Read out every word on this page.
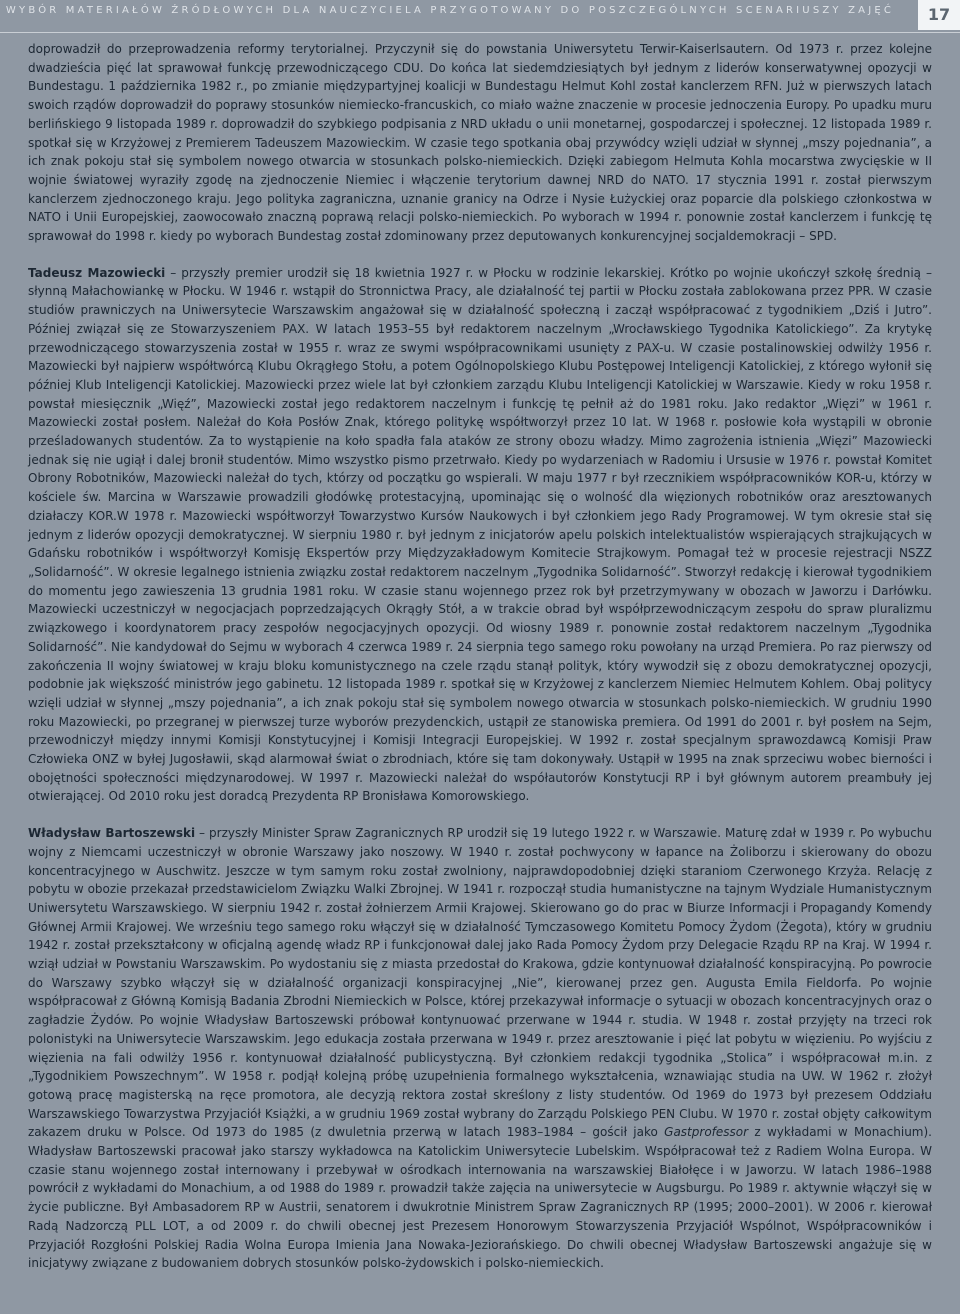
WYBÓR MATERIAŁÓW ŹRÓDŁOWYCH DLA NAUCZYCIELA PRZYGOTOWANY DO POSZCZEGÓLNYCH SCENARIUSZY ZAJĘĆ	17

doprowadził do przeprowadzenia reformy terytorialnej. Przyczynił się do powstania Uniwersytetu Terwir-Kaiserlsautern. Od 1973 r. przez kolejne dwadzieścia pięć lat sprawował funkcję przewodniczącego CDU. Do końca lat siedemdziesiątych był jednym z liderów konserwatywnej opozycji w Bundestagu. 1 października 1982 r., po zmianie międzypartyjnej koalicji w Bundestagu Helmut Kohl został kanclerzem RFN. Już w pierwszych latach swoich rządów doprowadził do poprawy stosunków niemiecko-francuskich, co miało ważne znaczenie w procesie jednoczenia Europy. Po upadku muru berlińskiego 9 listopada 1989 r. doprowadził do szybkiego podpisania z NRD układu o unii monetarnej, gospodarczej i społecznej. 12 listopada 1989 r. spotkał się w Krzyżowej z Premierem Tadeuszem Mazowieckim. W czasie tego spotkania obaj przywódcy wzięli udział w słynnej „mszy pojednania”, a ich znak pokoju stał się symbolem nowego otwarcia w stosunkach polsko-niemieckich. Dzięki zabiegom Helmuta Kohla mocarstwa zwycięskie w II wojnie światowej wyraziły zgodę na zjednoczenie Niemiec i włączenie terytorium dawnej NRD do NATO. 17 stycznia 1991 r. został pierwszym kanclerzem zjednoczonego kraju. Jego polityka zagraniczna, uznanie granicy na Odrze i Nysie Łużyckiej oraz poparcie dla polskiego członkostwa w NATO i Unii Europejskiej, zaowocowało znaczną poprawą relacji polsko-niemieckich. Po wyborach w 1994 r. ponownie został kanclerzem i funkcję tę sprawował do 1998 r. kiedy po wyborach Bundestag został zdominowany przez deputowanych konkurencyjnej socjaldemokracji – SPD.

Tadeusz Mazowiecki – przyszły premier urodził się 18 kwietnia 1927 r. w Płocku w rodzinie lekarskiej. Krótko po wojnie ukończył szkołę średnią – słynną Małachowiankę w Płocku. W 1946 r. wstąpił do Stronnictwa Pracy, ale działalność tej partii w Płocku została zablokowana przez PPR. W czasie studiów prawniczych na Uniwersytecie Warszawskim angażował się w działalność społeczną i zaczął współpracować z tygodnikiem „Dziś i Jutro”. Później związał się ze Stowarzyszeniem PAX. W latach 1953–55 był redaktorem naczelnym „Wrocławskiego Tygodnika Katolickiego”. Za krytykę przewodniczącego stowarzyszenia został w 1955 r. wraz ze swymi współpracownikami usunięty z PAX-u. W czasie postalinowskiej odwilży 1956 r. Mazowiecki był najpierw współtwórcą Klubu Okrągłego Stołu, a potem Ogólnopolskiego Klubu Postępowej Inteligencji Katolickiej, z którego wyłonił się później Klub Inteligencji Katolickiej. Mazowiecki przez wiele lat był członkiem zarządu Klubu Inteligencji Katolickiej w Warszawie. Kiedy w roku 1958 r. powstał miesięcznik „Więź”, Mazowiecki został jego redaktorem naczelnym i funkcję tę pełnił aż do 1981 roku. Jako redaktor „Więzi” w 1961 r. Mazowiecki został posłem. Należał do Koła Posłów Znak, którego politykę współtworzył przez 10 lat. W 1968 r. posłowie koła wystąpili w obronie prześladowanych studentów. Za to wystąpienie na koło spadła fala ataków ze strony obozu władzy. Mimo zagrożenia istnienia „Więzi” Mazowiecki jednak się nie ugiął i dalej bronił studentów. Mimo wszystko pismo przetrwało. Kiedy po wydarzeniach w Radomiu i Ursusie w 1976 r. powstał Komitet Obrony Robotników, Mazowiecki należał do tych, którzy od początku go wspierali. W maju 1977 r był rzecznikiem współpracowników KOR-u, którzy w kościele św. Marcina w Warszawie prowadzili głodówkę protestacyjną, upominając się o wolność dla więzionych robotników oraz aresztowanych działaczy KOR.W 1978 r. Mazowiecki współtworzył Towarzystwo Kursów Naukowych i był członkiem jego Rady Programowej. W tym okresie stał się jednym z liderów opozycji demokratycznej. W sierpniu 1980 r. był jednym z inicjatorów apelu polskich intelektualistów wspierających strajkujących w Gdańsku robotników i współtworzył Komisję Ekspertów przy Międzyzakładowym Komitecie Strajkowym. Pomagał też w procesie rejestracji NSZZ „Solidarność”. W okresie legalnego istnienia związku został redaktorem naczelnym „Tygodnika Solidarność”. Stworzył redakcję i kierował tygodnikiem do momentu jego zawieszenia 13 grudnia 1981 roku. W czasie stanu wojennego przez rok był przetrzymywany w obozach w Jaworzu i Darłówku. Mazowiecki uczestniczył w negocjacjach poprzedzających Okrągły Stół, a w trakcie obrad był współprzewodniczącym zespołu do spraw pluralizmu związkowego i koordynatorem pracy zespołów negocjacyjnych opozycji. Od wiosny 1989 r. ponownie został redaktorem naczelnym „Tygodnika Solidarność”. Nie kandydował do Sejmu w wyborach 4 czerwca 1989 r. 24 sierpnia tego samego roku powołany na urząd Premiera. Po raz pierwszy od zakończenia II wojny światowej w kraju bloku komunistycznego na czele rządu stanął polityk, który wywodził się z obozu demokratycznej opozycji, podobnie jak większość ministrów jego gabinetu. 12 listopada 1989 r. spotkał się w Krzyżowej z kanclerzem Niemiec Helmutem Kohlem. Obaj politycy wzięli udział w słynnej „mszy pojednania”, a ich znak pokoju stał się symbolem nowego otwarcia w stosunkach polsko-niemieckich. W grudniu 1990 roku Mazowiecki, po przegranej w pierwszej turze wyborów prezydenckich, ustąpił ze stanowiska premiera. Od 1991 do 2001 r. był posłem na Sejm, przewodniczył między innymi Komisji Konstytucyjnej i Komisji Integracji Europejskiej. W 1992 r. został specjalnym sprawozdawcą Komisji Praw Człowieka ONZ w byłej Jugosławii, skąd alarmował świat o zbrodniach, które się tam dokonywały. Ustąpił w 1995 na znak sprzeciwu wobec bierności i obojętności społeczności międzynarodowej. W 1997 r. Mazowiecki należał do współautorów Konstytucji RP i był głównym autorem preambuły jej otwierającej. Od 2010 roku jest doradcą Prezydenta RP Bronisława Komorowskiego.

Władysław Bartoszewski – przyszły Minister Spraw Zagranicznych RP urodził się 19 lutego 1922 r. w Warszawie. Maturę zdał w 1939 r. Po wybuchu wojny z Niemcami uczestniczył w obronie Warszawy jako noszowy. W 1940 r. został pochwycony w łapance na Żoliborzu i skierowany do obozu koncentracyjnego w Auschwitz. Jeszcze w tym samym roku został zwolniony, najprawdopodobniej dzięki staraniom Czerwonego Krzyża. Relację z pobytu w obozie przekazał przedstawicielom Związku Walki Zbrojnej. W 1941 r. rozpoczął studia humanistyczne na tajnym Wydziale Humanistycznym Uniwersytetu Warszawskiego. W sierpniu 1942 r. został żołnierzem Armii Krajowej. Skierowano go do prac w Biurze Informacji i Propagandy Komendy Głównej Armii Krajowej. We wrześniu tego samego roku włączył się w działalność Tymczasowego Komitetu Pomocy Żydom (Żegota), który w grudniu 1942 r. został przekształcony w oficjalną agendę władz RP i funkcjonował dalej jako Rada Pomocy Żydom przy Delegacie Rządu RP na Kraj. W 1994 r. wziął udział w Powstaniu Warszawskim. Po wydostaniu się z miasta przedostał do Krakowa, gdzie kontynuował działalność konspiracyjną. Po powrocie do Warszawy szybko włączył się w działalność organizacji konspiracyjnej „Nie”, kierowanej przez gen. Augusta Emila Fieldorfa. Po wojnie współpracował z Główną Komisją Badania Zbrodni Niemieckich w Polsce, której przekazywał informacje o sytuacji w obozach koncentracyjnych oraz o zagładzie Żydów. Po wojnie Władysław Bartoszewski próbował kontynuować przerwane w 1944 r. studia. W 1948 r. został przyjęty na trzeci rok polonistyki na Uniwersytecie Warszawskim. Jego edukacja została przerwana w 1949 r. przez aresztowanie i pięć lat pobytu w więzieniu. Po wyjściu z więzienia na fali odwilży 1956 r. kontynuował działalność publicystyczną. Był członkiem redakcji tygodnika „Stolica” i współpracował m.in. z „Tygodnikiem Powszechnym”. W 1958 r. podjął kolejną próbę uzupełnienia formalnego wykształcenia, wznawiając studia na UW. W 1962 r. złożył gotową pracę magisterską na ręce promotora, ale decyzją rektora został skreślony z listy studentów. Od 1969 do 1973 był prezesem Oddziału Warszawskiego Towarzystwa Przyjaciół Książki, a w grudniu 1969 został wybrany do Zarządu Polskiego PEN Clubu. W 1970 r. został objęty całkowitym zakazem druku w Polsce. Od 1973 do 1985 (z dwuletnia przerwą w latach 1983–1984 – gościł jako Gastprofessor z wykładami w Monachium). Władysław Bartoszewski pracował jako starszy wykładowca na Katolickim Uniwersytecie Lubelskim. Współpracował też z Radiem Wolna Europa. W czasie stanu wojennego został internowany i przebywał w ośrodkach internowania na warszawskiej Białołęce i w Jaworzu. W latach 1986–1988 powrócił z wykładami do Monachium, a od 1988 do 1989 r. prowadził także zajęcia na uniwersytecie w Augsburgu. Po 1989 r. aktywnie włączył się w życie publiczne. Był Ambasadorem RP w Austrii, senatorem i dwukrotnie Ministrem Spraw Zagranicznych RP (1995; 2000–2001). W 2006 r. kierował Radą Nadzorczą PLL LOT, a od 2009 r. do chwili obecnej jest Prezesem Honorowym Stowarzyszenia Przyjaciół Wspólnot, Współpracowników i Przyjaciół Rozgłośni Polskiej Radia Wolna Europa Imienia Jana Nowaka-Jeziorańskiego. Do chwili obecnej Władysław Bartoszewski angażuje się w inicjatywy związane z budowaniem dobrych stosunków polsko-żydowskich i polsko-niemieckich.
